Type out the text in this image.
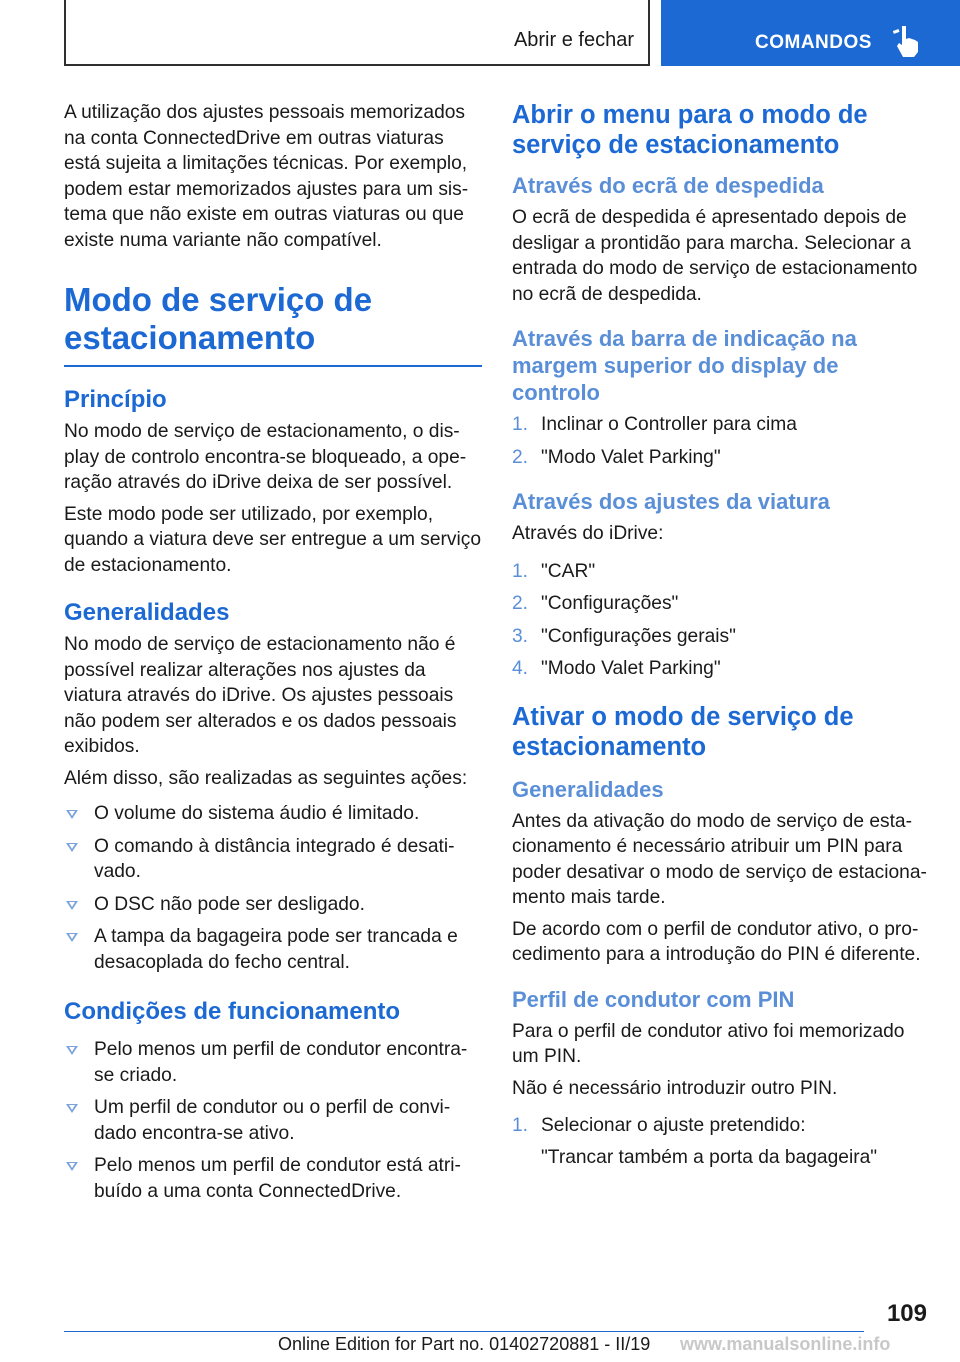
Abrir e fechar	COMANDOS

A utilização dos ajustes pessoais memorizados na conta ConnectedDrive em outras viaturas está sujeita a limitações técnicas. Por exemplo, podem estar memorizados ajustes para um sistema que não existe em outras viaturas ou que existe numa variante não compatível.

Modo de serviço de estacionamento
Princípio

No modo de serviço de estacionamento, o display de controlo encontra-se bloqueado, a operação através do iDrive deixa de ser possível.

Este modo pode ser utilizado, por exemplo, quando a viatura deve ser entregue a um serviço de estacionamento.

Generalidades

No modo de serviço de estacionamento não é possível realizar alterações nos ajustes da viatura através do iDrive. Os ajustes pessoais não podem ser alterados e os dados pessoais exibidos.

Além disso, são realizadas as seguintes ações:

O volume do sistema áudio é limitado.
O comando à distância integrado é desativado.
O DSC não pode ser desligado.
A tampa da bagageira pode ser trancada e desacoplada do fecho central.
Condições de funcionamento
Pelo menos um perfil de condutor encontra-se criado.
Um perfil de condutor ou o perfil de convidado encontra-se ativo.
Pelo menos um perfil de condutor está atribuído a uma conta ConnectedDrive.
Abrir o menu para o modo de serviço de estacionamento
Através do ecrã de despedida

O ecrã de despedida é apresentado depois de desligar a prontidão para marcha. Selecionar a entrada do modo de serviço de estacionamento no ecrã de despedida.

Através da barra de indicação na margem superior do display de controlo
1. Inclinar o Controller para cima
2. "Modo Valet Parking"
Através dos ajustes da viatura

Através do iDrive:

1. "CAR"
2. "Configurações"
3. "Configurações gerais"
4. "Modo Valet Parking"
Ativar o modo de serviço de estacionamento
Generalidades

Antes da ativação do modo de serviço de estacionamento é necessário atribuir um PIN para poder desativar o modo de serviço de estacionamento mais tarde.

De acordo com o perfil de condutor ativo, o procedimento para a introdução do PIN é diferente.

Perfil de condutor com PIN

Para o perfil de condutor ativo foi memorizado um PIN.

Não é necessário introduzir outro PIN.

1. Selecionar o ajuste pretendido:
"Trancar também a porta da bagageira"
109
Online Edition for Part no. 01402720881 - II/19 www.manualsonline.info
